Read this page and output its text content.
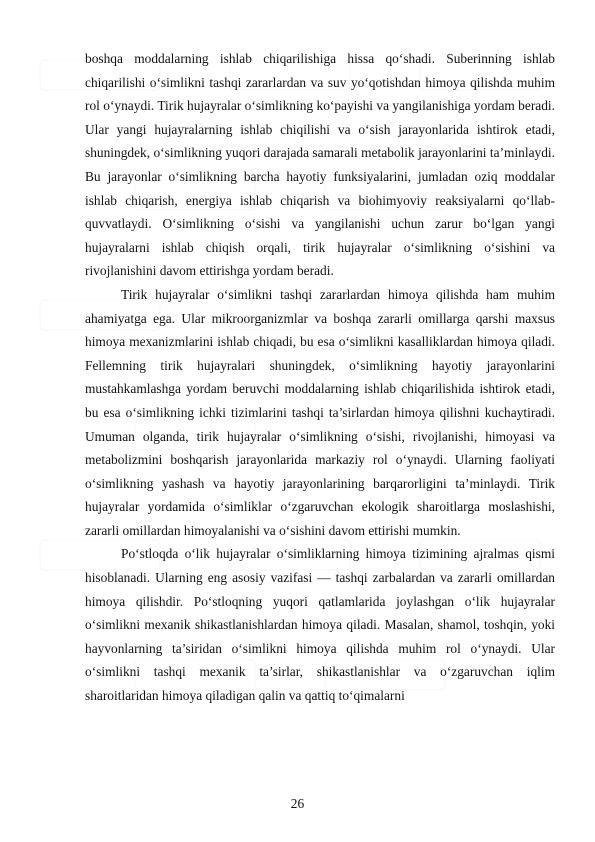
boshqa moddalarning ishlab chiqarilishiga hissa qo‘shadi. Suberinning ishlab chiqarilishi o‘simlikni tashqi zararlardan va suv yo‘qotishdan himoya qilishda muhim rol o‘ynaydi. Tirik hujayralar o‘simlikning ko‘payishi va yangilanishiga yordam beradi. Ular yangi hujayralarning ishlab chiqilishi va o‘sish jarayonlarida ishtirok etadi, shuningdek, o‘simlikning yuqori darajada samarali metabolik jarayonlarini ta’minlaydi. Bu jarayonlar o‘simlikning barcha hayotiy funksiyalarini, jumladan oziq moddalar ishlab chiqarish, energiya ishlab chiqarish va biohimyoviy reaksiyalarni qo‘llab-quvvatlaydi. O‘simlikning o‘sishi va yangilanishi uchun zarur bo‘lgan yangi hujayralarni ishlab chiqish orqali, tirik hujayralar o‘simlikning o‘sishini va rivojlanishini davom ettirishga yordam beradi.

Tirik hujayralar o‘simlikni tashqi zararlardan himoya qilishda ham muhim ahamiyatga ega. Ular mikroorganizmlar va boshqa zararli omillarga qarshi maxsus himoya mexanizmlarini ishlab chiqadi, bu esa o‘simlikni kasalliklardan himoya qiladi. Fellemning tirik hujayralari shuningdek, o‘simlikning hayotiy jarayonlarini mustahkamlashga yordam beruvchi moddalarning ishlab chiqarilishida ishtirok etadi, bu esa o‘simlikning ichki tizimlarini tashqi ta’sirlardan himoya qilishni kuchaytiradi. Umuman olganda, tirik hujayralar o‘simlikning o‘sishi, rivojlanishi, himoyasi va metabolizmini boshqarish jarayonlarida markaziy rol o‘ynaydi. Ularning faoliyati o‘simlikning yashash va hayotiy jarayonlarining barqarorligini ta’minlaydi. Tirik hujayralar yordamida o‘simliklar o‘zgaruvchan ekologik sharoitlarga moslashishi, zararli omillardan himoyalanishi va o‘sishini davom ettirishi mumkin.

Po‘stloqda o‘lik hujayralar o‘simliklarning himoya tizimining ajralmas qismi hisoblanadi. Ularning eng asosiy vazifasi — tashqi zarbalardan va zararli omillardan himoya qilishdir. Po‘stloqning yuqori qatlamlarida joylashgan o‘lik hujayralar o‘simlikni mexanik shikastlanishlardan himoya qiladi. Masalan, shamol, toshqin, yoki hayvonlarning ta’siridan o‘simlikni himoya qilishda muhim rol o‘ynaydi. Ular o‘simlikni tashqi mexanik ta’sirlar, shikastlanishlar va o‘zgaruvchan iqlim sharoitlaridan himoya qiladigan qalin va qattiq to‘qimalarni

26
